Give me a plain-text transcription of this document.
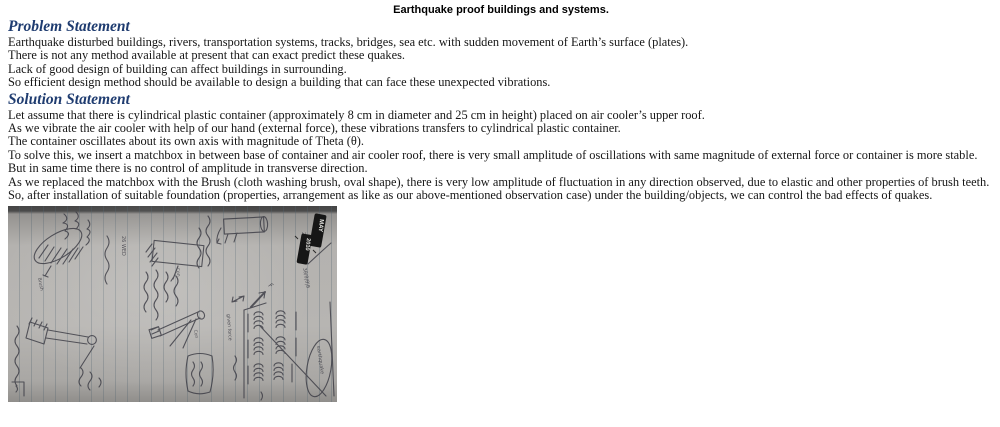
Earthquake proof buildings and systems.
Problem Statement
Earthquake disturbed buildings, rivers, transportation systems, tracks, bridges, sea etc. with sudden movement of Earth’s surface (plates).
There is not any method available at present that can exact predict these quakes.
Lack of good design of building can affect buildings in surrounding.
So efficient design method should be available to design a building that can face these unexpected vibrations.
Solution Statement
Let assume that there is cylindrical plastic container (approximately 8 cm in diameter and 25 cm in height) placed on air cooler’s upper roof.
As we vibrate the air cooler with help of our hand (external force), these vibrations transfers to cylindrical plastic container.
The container oscillates about its own axis with magnitude of Theta (θ).
To solve this, we insert a matchbox in between base of container and air cooler roof, there is very small amplitude of oscillations with same magnitude of external force or container is more stable. But in same time there is no control of amplitude in transverse direction.
As we replaced the matchbox with the Brush (cloth washing brush, oval shape), there is very low amplitude of fluctuation in any direction observed, due to elastic and other properties of brush teeth.
So, after installation of suitable foundation (properties, arrangement as like as our above-mentioned observation case) under the building/objects, we can control the bad effects of quakes.
Brush
26 WED
Con
Con	given force
F	3θ/θ|θ|θ
earthquake
MAY
2010
